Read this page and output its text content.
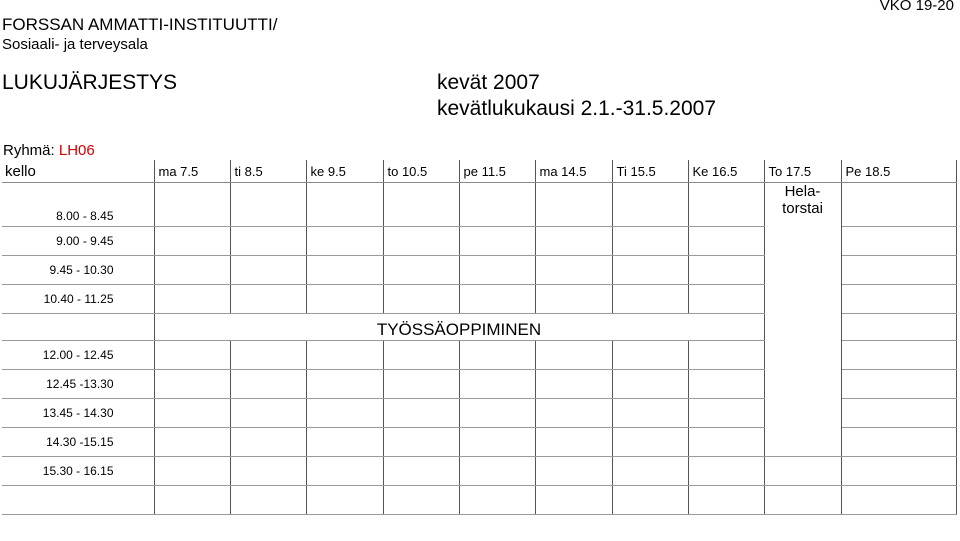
FORSSAN AMMATTI-INSTITUUTTI/
Sosiaali- ja terveysala
VKO 19-20
LUKUJÄRJESTYS	kevät 2007
kevätlukukausi 2.1.-31.5.2007
Ryhmä: LH06
kello	ma 7.5	ti 8.5	ke 9.5	to 10.5	pe 11.5	ma 14.5	Ti 15.5	Ke 16.5	To 17.5	Pe 18.5
8.00 - 8.45									Hela-
torstai	

9.00 - 9.45										
9.45 - 10.30										
10.40 - 11.25										
	TYÖSSÄOPPIMINEN									
12.00 - 12.45										
12.45 -13.30										
13.45 - 14.30										
14.30 -15.15										
15.30 - 16.15										
